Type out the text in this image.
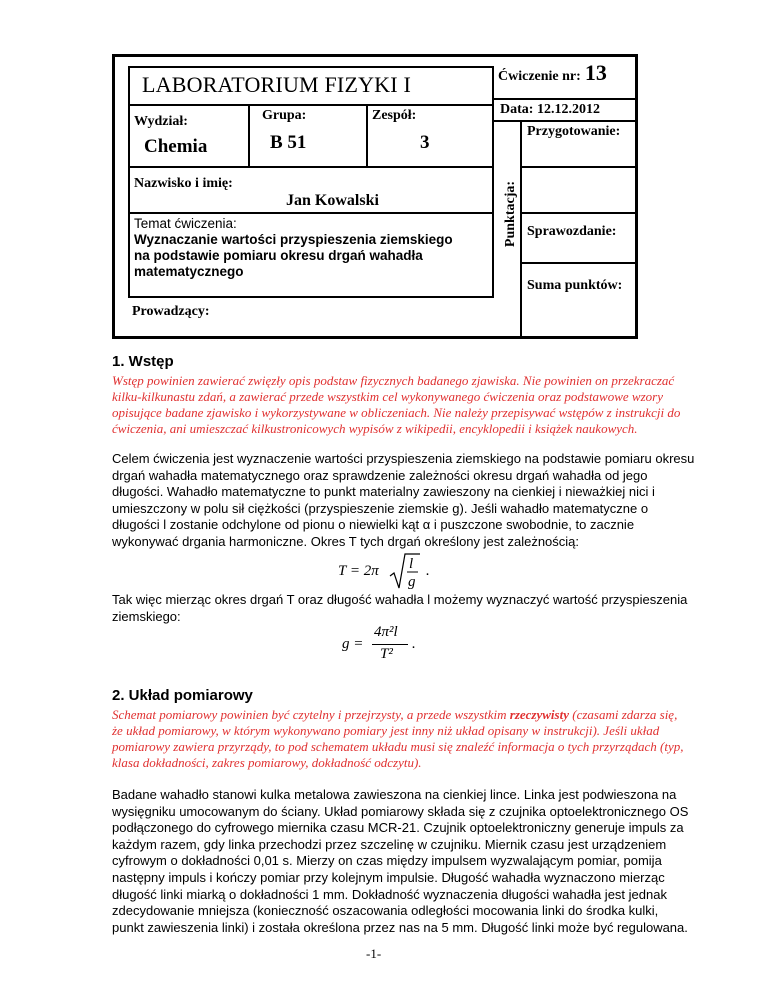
LABORATORIUM FIZYKI I	Ćwiczenie nr: 13
Data: 12.12.2012
Wydział:
Chemia
Grupa:
B 51
Zespół:
3
Nazwisko i imię:
Jan Kowalski
Temat ćwiczenia:
Wyznaczanie wartości przyspieszenia ziemskiego
na podstawie pomiaru okresu drgań wahadła
matematycznego
Punktacja:
Przygotowanie:
Sprawozdanie:
Suma punktów:
Prowadzący:
1. Wstęp
Wstęp powinien zawierać zwięzły opis podstaw fizycznych badanego zjawiska. Nie powinien on przekraczać
kilku-kilkunastu zdań, a zawierać przede wszystkim cel wykonywanego ćwiczenia oraz podstawowe wzory
opisujące badane zjawisko i wykorzystywane w obliczeniach. Nie należy przepisywać wstępów z instrukcji do
ćwiczenia, ani umieszczać kilkustronicowych wypisów z wikipedii, encyklopedii i książek naukowych.
Celem ćwiczenia jest wyznaczenie wartości przyspieszenia ziemskiego na podstawie pomiaru okresu
drgań wahadła matematycznego oraz sprawdzenie zależności okresu drgań wahadła od jego
długości. Wahadło matematyczne to punkt materialny zawieszony na cienkiej i nieważkiej nici i
umieszczony w polu sił ciężkości (przyspieszenie ziemskie g). Jeśli wahadło matematyczne o
długości l zostanie odchylone od pionu o niewielki kąt α i puszczone swobodnie, to zacznie
wykonywać drgania harmoniczne. Okres T tych drgań określony jest zależnością:
T = 2π l
g
.
Tak więc mierząc okres drgań T oraz długość wahadła l możemy wyznaczyć wartość przyspieszenia
ziemskiego:
g =
4π²l
T²
.
2. Układ pomiarowy
Schemat pomiarowy powinien być czytelny i przejrzysty, a przede wszystkim rzeczywisty (czasami zdarza się,
że układ pomiarowy, w którym wykonywano pomiary jest inny niż układ opisany w instrukcji). Jeśli układ
pomiarowy zawiera przyrządy, to pod schematem układu musi się znaleźć informacja o tych przyrządach (typ,
klasa dokładności, zakres pomiarowy, dokładność odczytu).
Badane wahadło stanowi kulka metalowa zawieszona na cienkiej lince. Linka jest podwieszona na
wysięgniku umocowanym do ściany. Układ pomiarowy składa się z czujnika optoelektronicznego OS
podłączonego do cyfrowego miernika czasu MCR-21. Czujnik optoelektroniczny generuje impuls za
każdym razem, gdy linka przechodzi przez szczelinę w czujniku. Miernik czasu jest urządzeniem
cyfrowym o dokładności 0,01 s. Mierzy on czas między impulsem wyzwalającym pomiar, pomija
następny impuls i kończy pomiar przy kolejnym impulsie. Długość wahadła wyznaczono mierząc
długość linki miarką o dokładności 1 mm. Dokładność wyznaczenia długości wahadła jest jednak
zdecydowanie mniejsza (konieczność oszacowania odległości mocowania linki do środka kulki,
punkt zawieszenia linki) i została określona przez nas na 5 mm. Długość linki może być regulowana.
-1-
